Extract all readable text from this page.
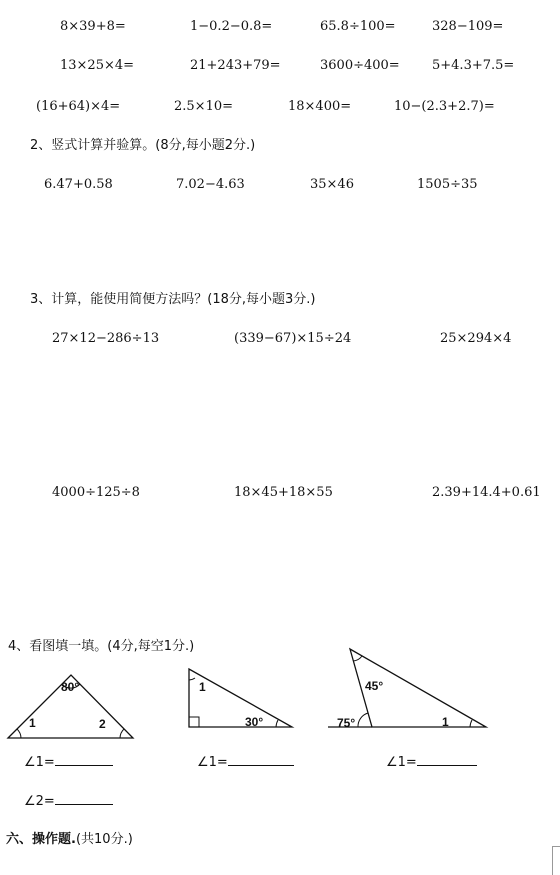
8×39+8=	1−0.2−0.8=	65.8÷100=	328−109=
13×25×4=	21+243+79=	3600÷400= 5+4.3+7.5=
(16+64)×4=	2.5×10=	18×400=	10−(2.3+2.7)=
2、竖式计算并验算。(8分,每小题2分.)
6.47+0.58	7.02−4.63	35×46	1505÷35
3、计算，能使用简便方法吗？(18分,每小题3分.)
27×12−286÷13	(339−67)×15÷24	25×294×4
4000÷125÷8	18×45+18×55	2.39+14.4+0.61
4、看图填一填。(4分,每空1分.)
80°
1	2
1
30°
45°
75°	1
∠1=	∠1=	∠1=
∠2=
六、操作题.(共10分.)
